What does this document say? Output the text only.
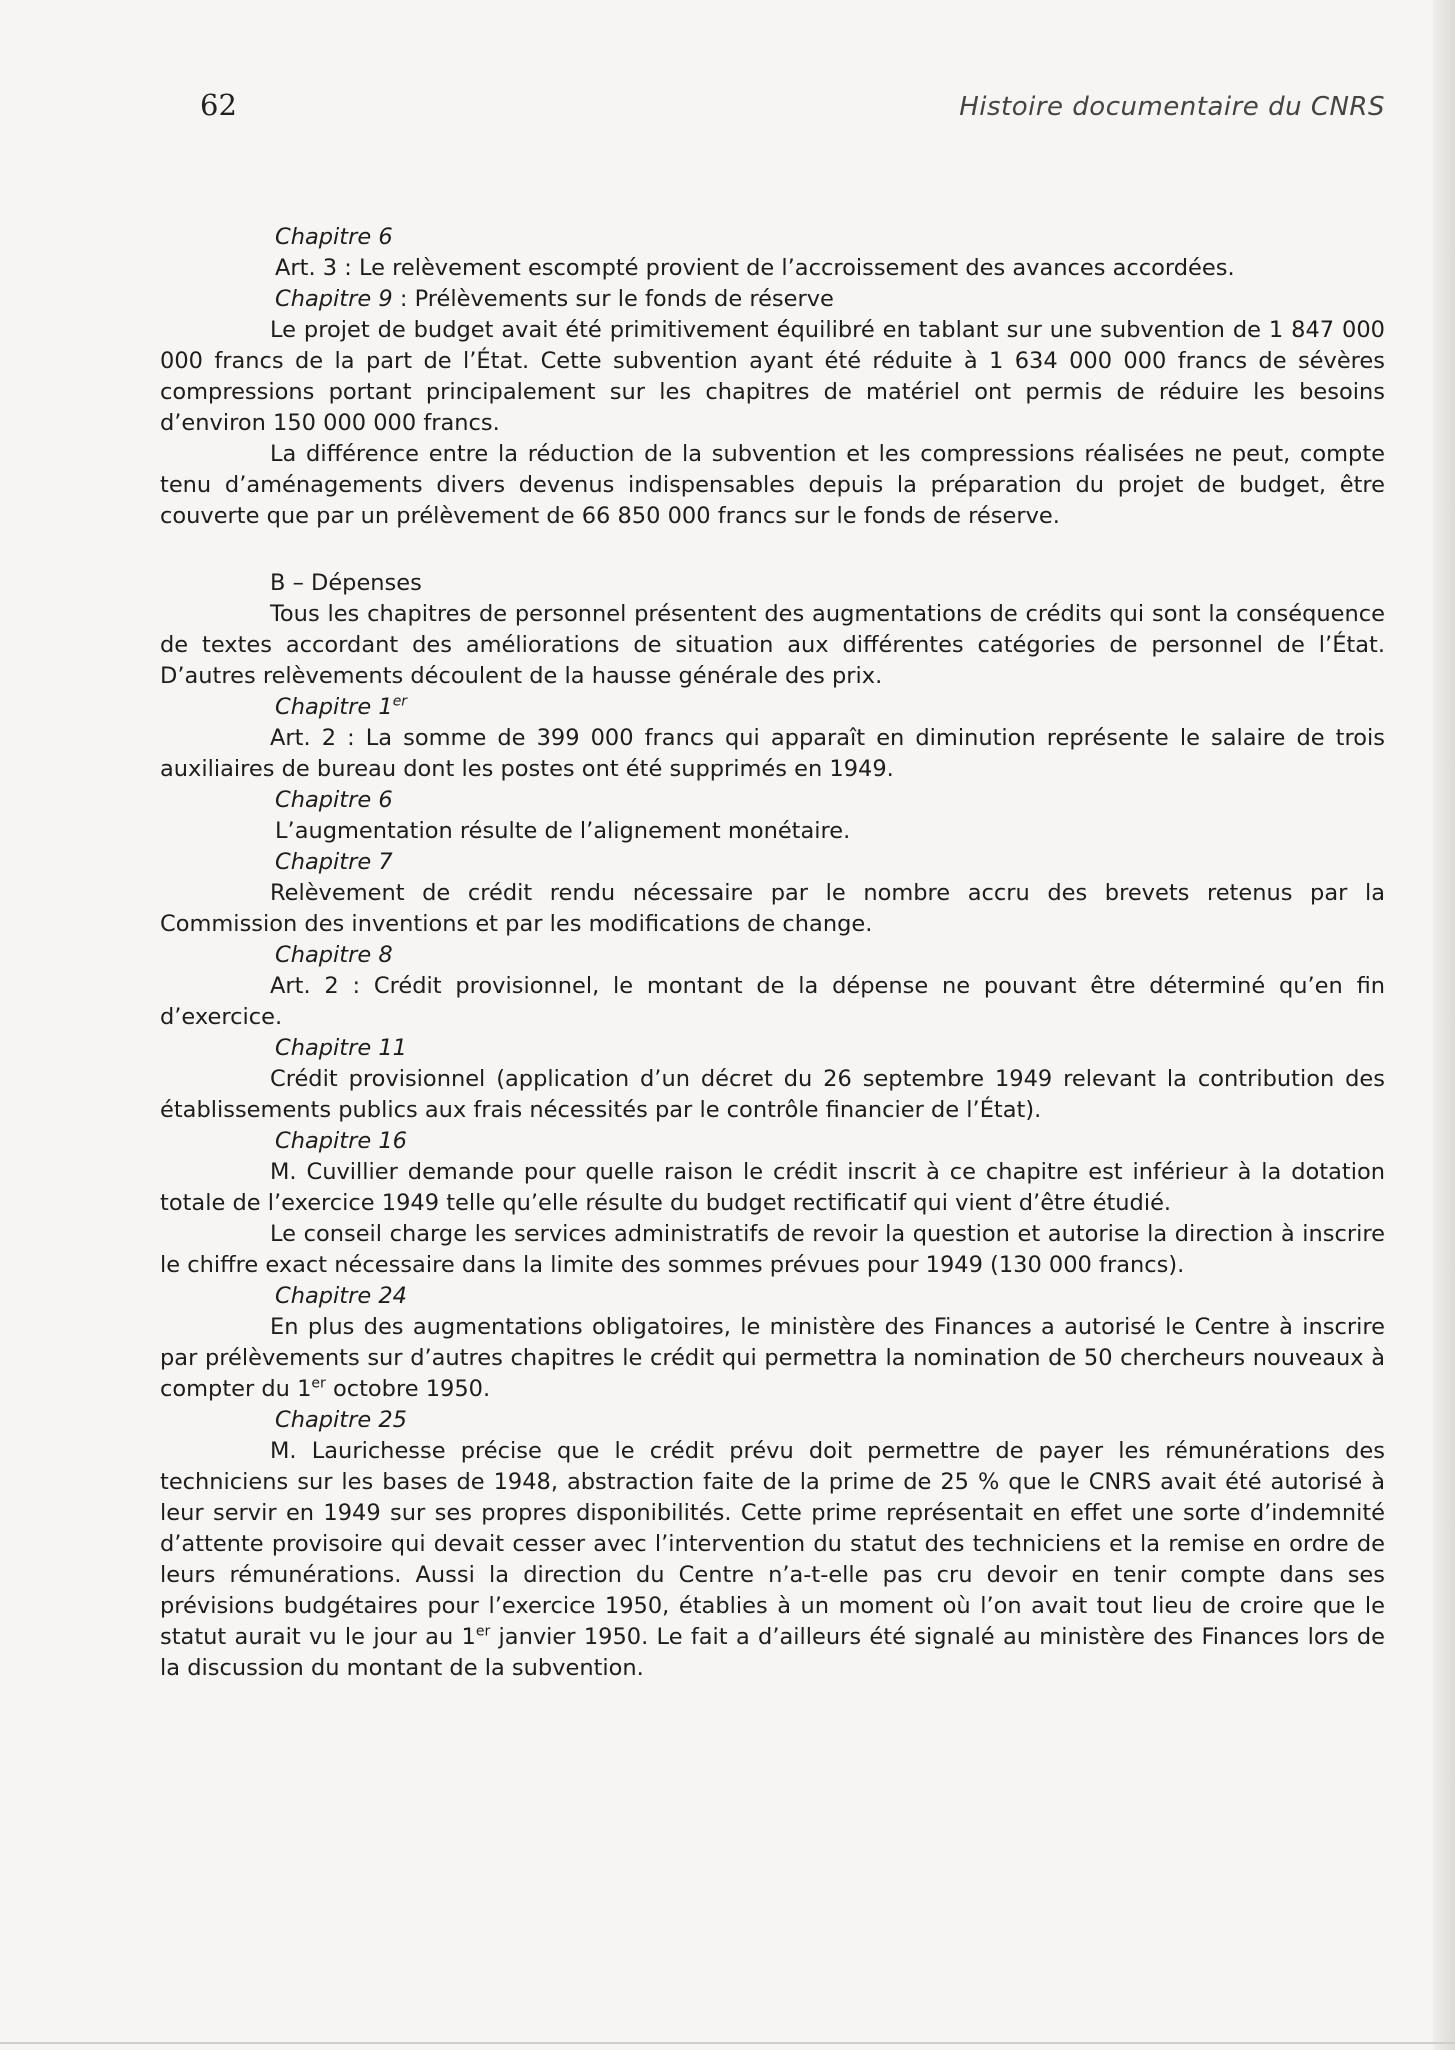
62	Histoire documentaire du CNRS
Chapitre 6

Art. 3 : Le relèvement escompté provient de l’accroissement des avances accordées.

Chapitre 9 : Prélèvements sur le fonds de réserve

Le projet de budget avait été primitivement équilibré en tablant sur une subvention de 1 847 000 000 francs de la part de l’État. Cette subvention ayant été réduite à 1 634 000 000 francs de sévères compressions portant principalement sur les chapitres de matériel ont permis de réduire les besoins d’environ 150 000 000 francs.

La différence entre la réduction de la subvention et les compressions réalisées ne peut, compte tenu d’aménagements divers devenus indispensables depuis la préparation du projet de budget, être couverte que par un prélèvement de 66 850 000 francs sur le fonds de réserve.

B – Dépenses

Tous les chapitres de personnel présentent des augmentations de crédits qui sont la conséquence de textes accordant des améliorations de situation aux différentes catégories de personnel de l’État. D’autres relèvements découlent de la hausse générale des prix.

Chapitre 1er

Art. 2 : La somme de 399 000 francs qui apparaît en diminution représente le salaire de trois auxiliaires de bureau dont les postes ont été supprimés en 1949.

Chapitre 6

L’augmentation résulte de l’alignement monétaire.

Chapitre 7

Relèvement de crédit rendu nécessaire par le nombre accru des brevets retenus par la Commission des inventions et par les modifications de change.

Chapitre 8

Art. 2 : Crédit provisionnel, le montant de la dépense ne pouvant être déterminé qu’en fin d’exercice.

Chapitre 11

Crédit provisionnel (application d’un décret du 26 septembre 1949 relevant la contribution des établissements publics aux frais nécessités par le contrôle financier de l’État).

Chapitre 16

M. Cuvillier demande pour quelle raison le crédit inscrit à ce chapitre est inférieur à la dotation totale de l’exercice 1949 telle qu’elle résulte du budget rectificatif qui vient d’être étudié.

Le conseil charge les services administratifs de revoir la question et autorise la direction à inscrire le chiffre exact nécessaire dans la limite des sommes prévues pour 1949 (130 000 francs).

Chapitre 24

En plus des augmentations obligatoires, le ministère des Finances a autorisé le Centre à inscrire par prélèvements sur d’autres chapitres le crédit qui permettra la nomination de 50 chercheurs nouveaux à compter du 1er octobre 1950.

Chapitre 25

M. Laurichesse précise que le crédit prévu doit permettre de payer les rémunérations des techniciens sur les bases de 1948, abstraction faite de la prime de 25 % que le CNRS avait été autorisé à leur servir en 1949 sur ses propres disponibilités. Cette prime représentait en effet une sorte d’indemnité d’attente provisoire qui devait cesser avec l’intervention du statut des techniciens et la remise en ordre de leurs rémunérations. Aussi la direction du Centre n’a-t-elle pas cru devoir en tenir compte dans ses prévisions budgétaires pour l’exercice 1950, établies à un moment où l’on avait tout lieu de croire que le statut aurait vu le jour au 1er janvier 1950. Le fait a d’ailleurs été signalé au ministère des Finances lors de la discussion du montant de la subvention.
